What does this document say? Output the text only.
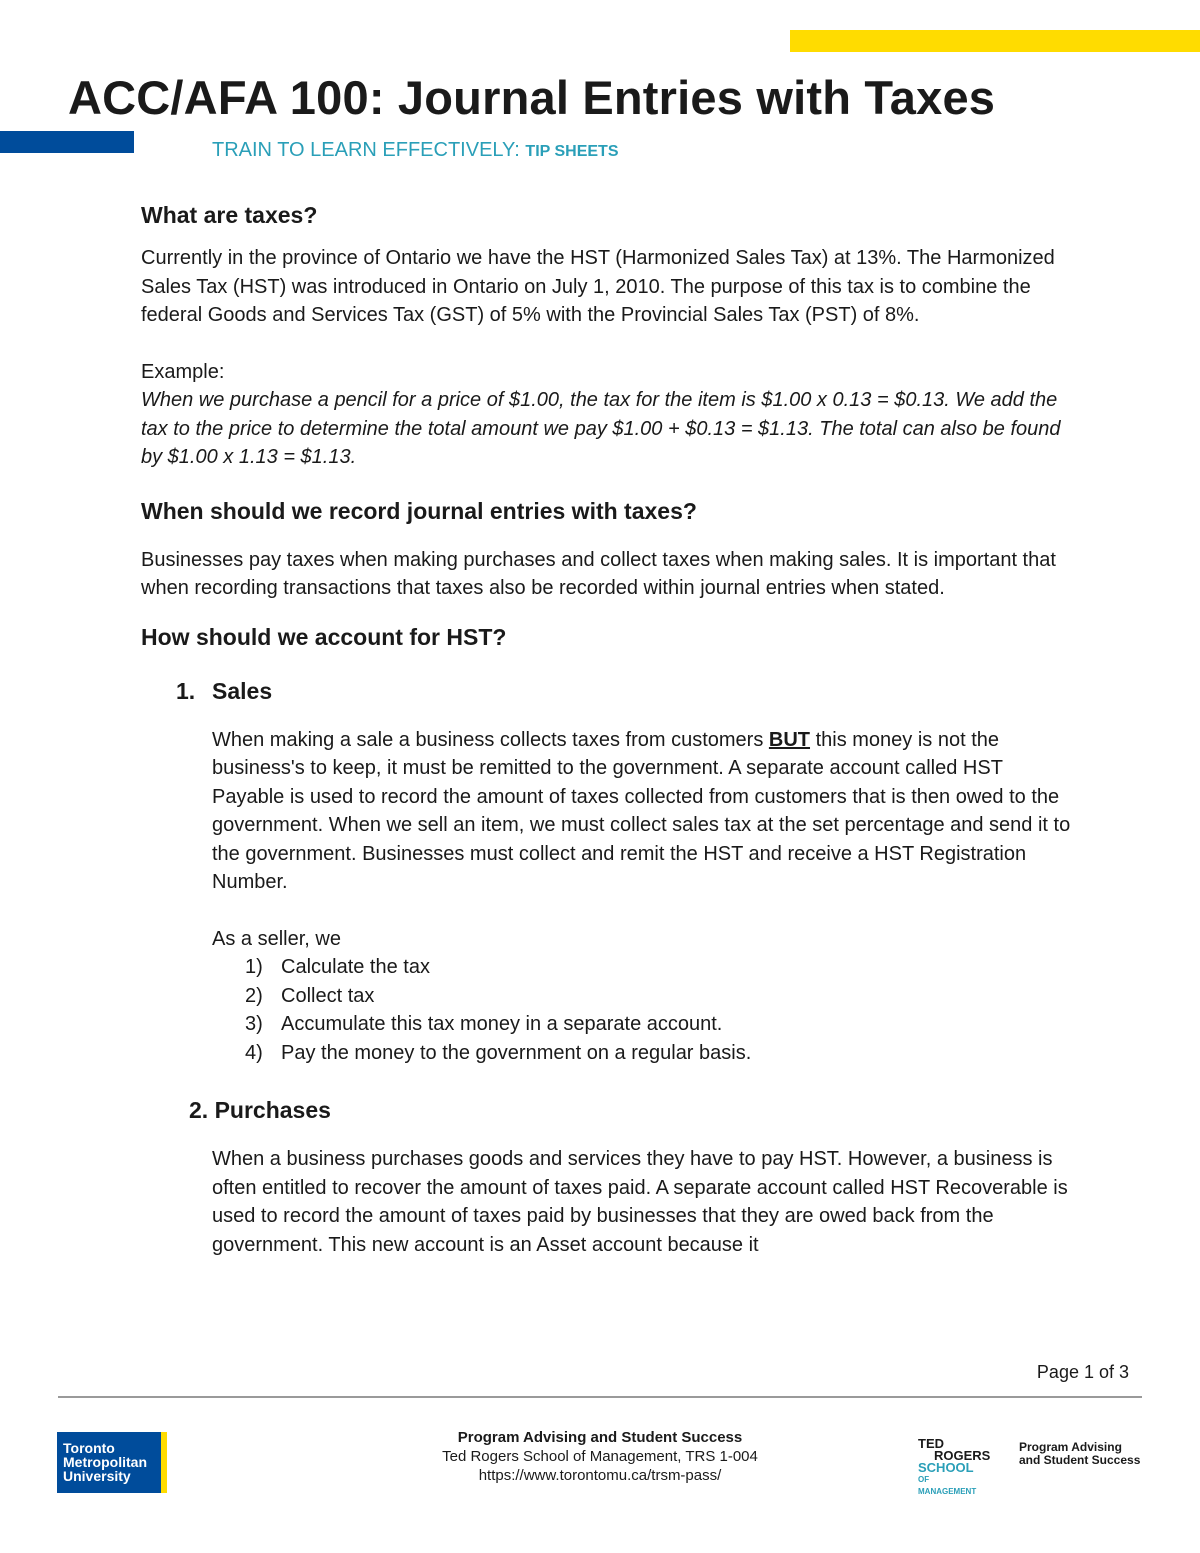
ACC/AFA 100: Journal Entries with Taxes

TRAIN TO LEARN EFFECTIVELY: TIP SHEETS

What are taxes?

Currently in the province of Ontario we have the HST (Harmonized Sales Tax) at 13%. The Harmonized Sales Tax (HST) was introduced in Ontario on July 1, 2010. The purpose of this tax is to combine the federal Goods and Services Tax (GST) of 5% with the Provincial Sales Tax (PST) of 8%.

Example:

When we purchase a pencil for a price of $1.00, the tax for the item is $1.00 x 0.13 = $0.13. We add the tax to the price to determine the total amount we pay $1.00 + $0.13 = $1.13. The total can also be found by $1.00 x 1.13 = $1.13.

When should we record journal entries with taxes?

Businesses pay taxes when making purchases and collect taxes when making sales. It is important that when recording transactions that taxes also be recorded within journal entries when stated.

How should we account for HST?
1. Sales

When making a sale a business collects taxes from customers BUT this money is not the business's to keep, it must be remitted to the government. A separate account called HST Payable is used to record the amount of taxes collected from customers that is then owed to the government. When we sell an item, we must collect sales tax at the set percentage and send it to the government. Businesses must collect and remit the HST and receive a HST Registration Number.

As a seller, we

1) Calculate the tax
2) Collect tax
3) Accumulate this tax money in a separate account.
4) Pay the money to the government on a regular basis.
2. Purchases

When a business purchases goods and services they have to pay HST. However, a business is often entitled to recover the amount of taxes paid. A separate account called HST Recoverable is used to record the amount of taxes paid by businesses that they are owed back from the government. This new account is an Asset account because it

Page 1 of 3
Toronto
Metropolitan
University
Program Advising and Student Success
Ted Rogers School of Management, TRS 1-004
https://www.torontomu.ca/trsm-pass/
TED
ROGERS
SCHOOL
OF MANAGEMENT
Program Advising
and Student Success
